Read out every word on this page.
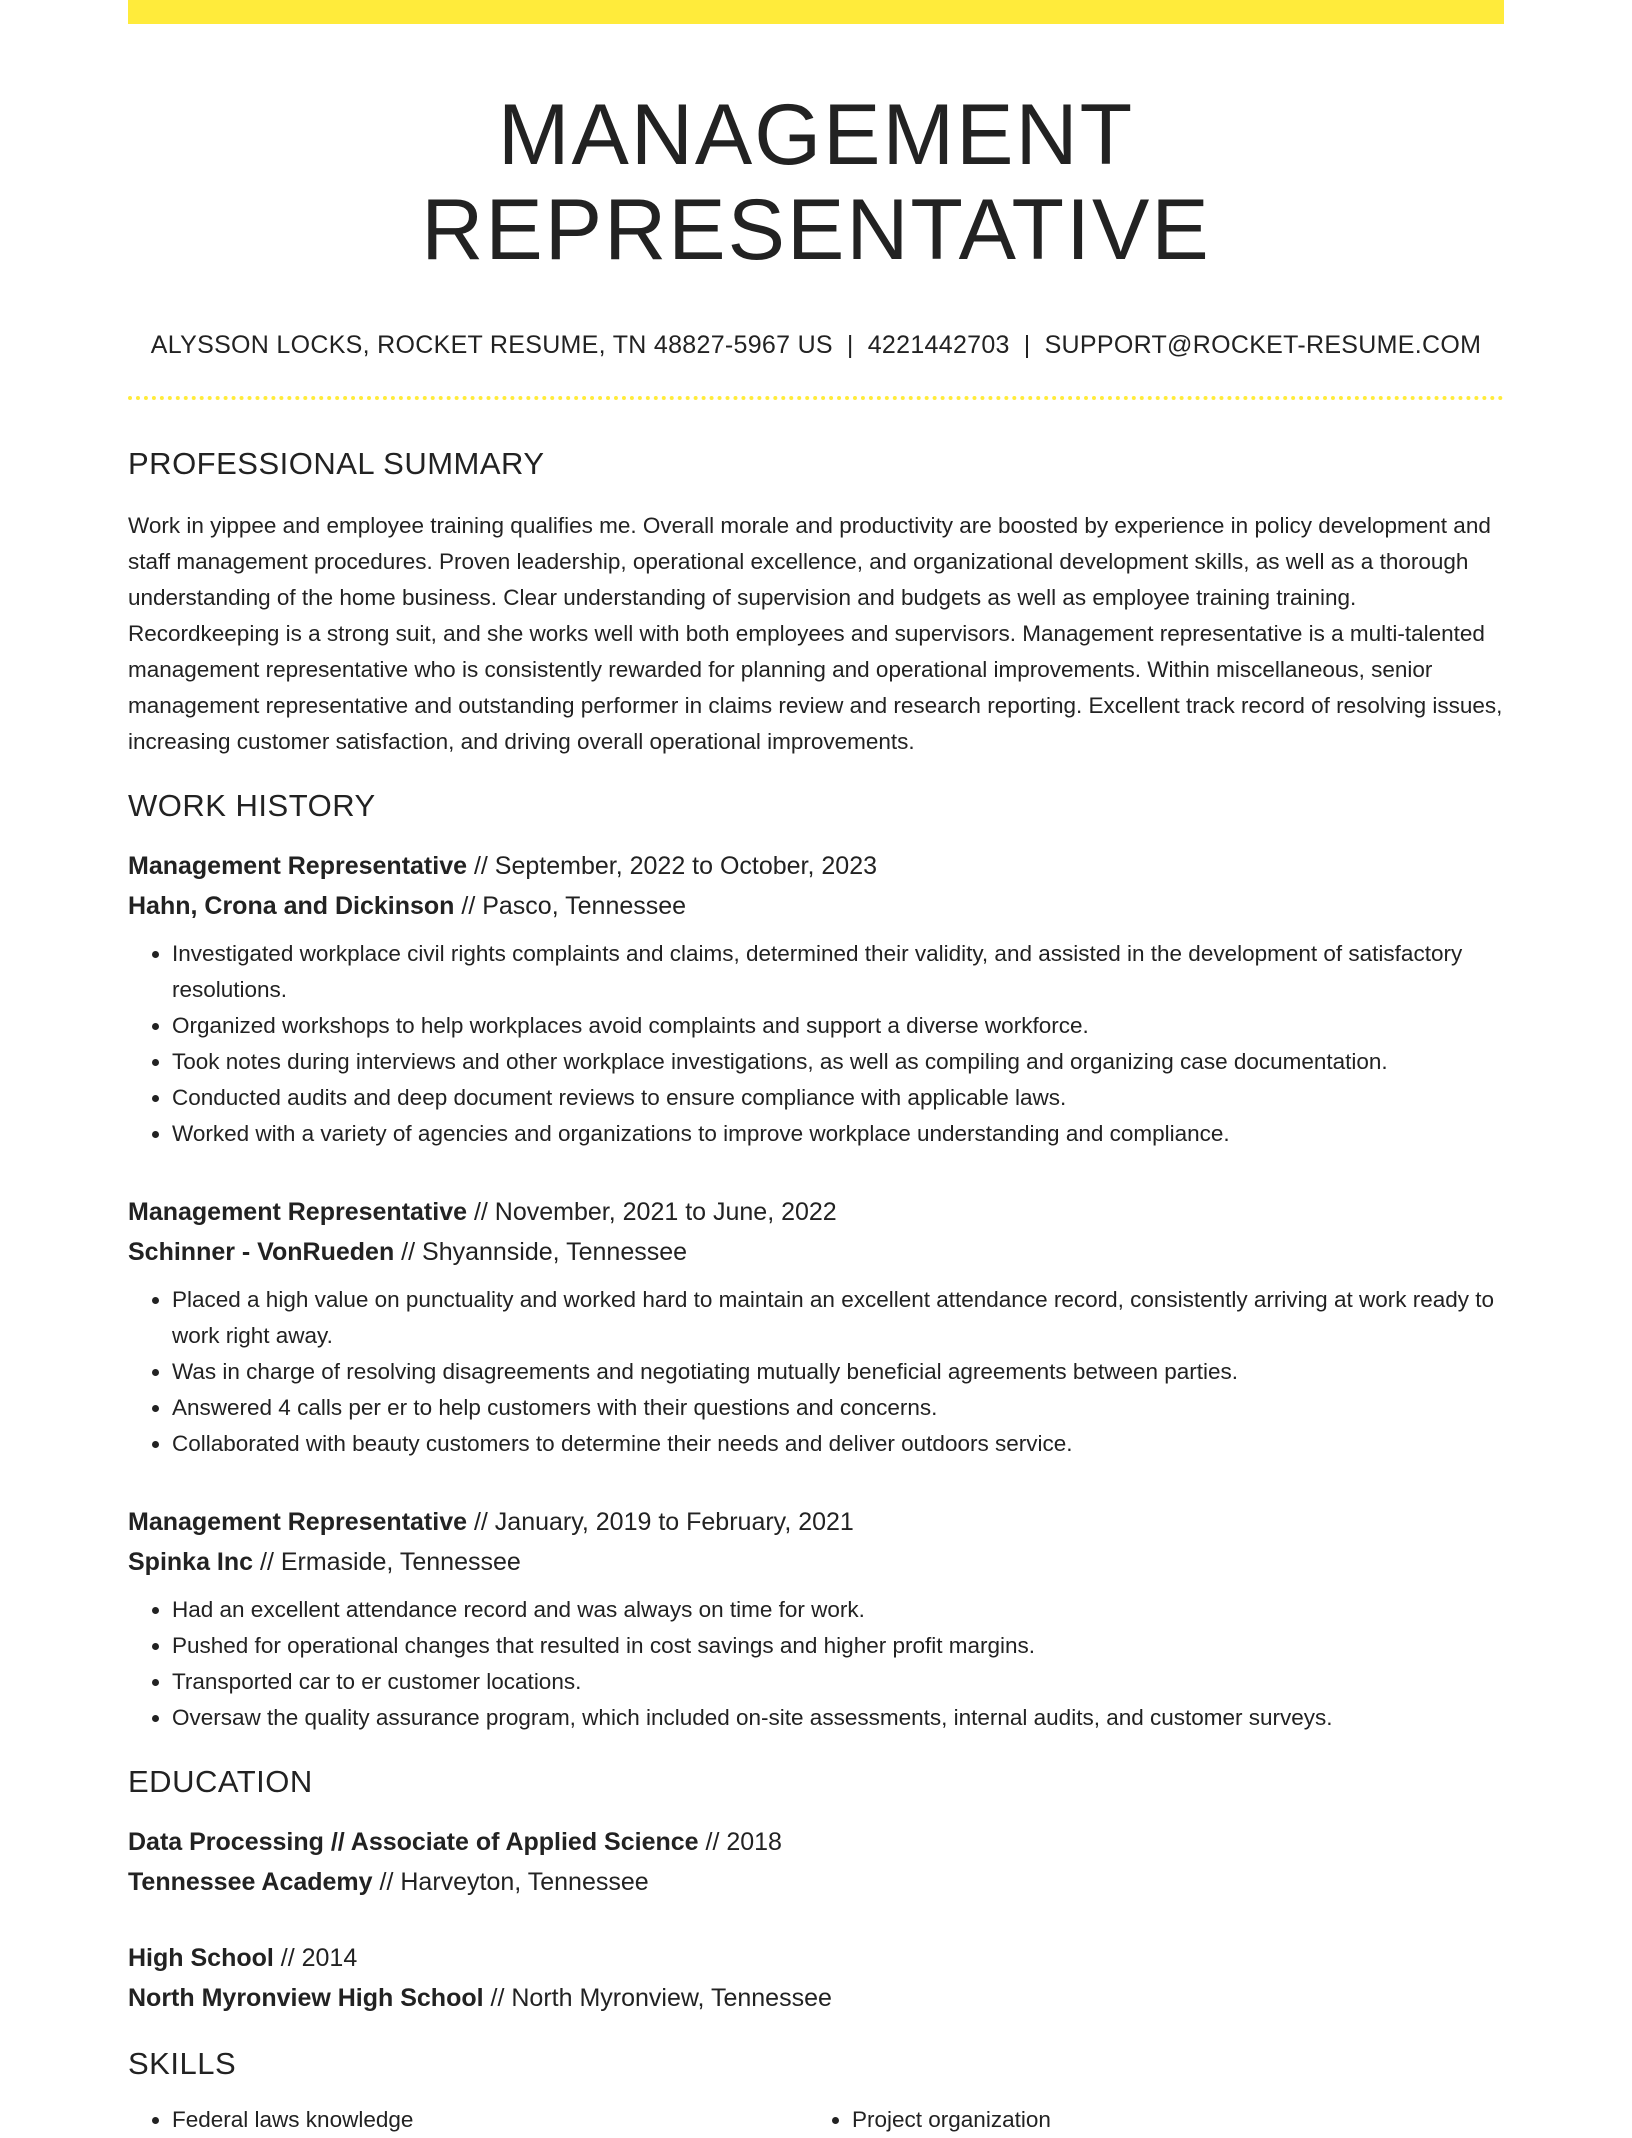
MANAGEMENT REPRESENTATIVE
ALYSSON LOCKS, ROCKET RESUME, TN 48827-5967 US | 4221442703 | SUPPORT@ROCKET-RESUME.COM
PROFESSIONAL SUMMARY
Work in yippee and employee training qualifies me. Overall morale and productivity are boosted by experience in policy development and staff management procedures. Proven leadership, operational excellence, and organizational development skills, as well as a thorough understanding of the home business. Clear understanding of supervision and budgets as well as employee training training. Recordkeeping is a strong suit, and she works well with both employees and supervisors. Management representative is a multi-talented management representative who is consistently rewarded for planning and operational improvements. Within miscellaneous, senior management representative and outstanding performer in claims review and research reporting. Excellent track record of resolving issues, increasing customer satisfaction, and driving overall operational improvements.
WORK HISTORY
Management Representative // September, 2022 to October, 2023
Hahn, Crona and Dickinson // Pasco, Tennessee
• Investigated workplace civil rights complaints and claims, determined their validity, and assisted in the development of satisfactory resolutions.
• Organized workshops to help workplaces avoid complaints and support a diverse workforce.
• Took notes during interviews and other workplace investigations, as well as compiling and organizing case documentation.
• Conducted audits and deep document reviews to ensure compliance with applicable laws.
• Worked with a variety of agencies and organizations to improve workplace understanding and compliance.
Management Representative // November, 2021 to June, 2022
Schinner - VonRueden // Shyannside, Tennessee
• Placed a high value on punctuality and worked hard to maintain an excellent attendance record, consistently arriving at work ready to work right away.
• Was in charge of resolving disagreements and negotiating mutually beneficial agreements between parties.
• Answered 4 calls per er to help customers with their questions and concerns.
• Collaborated with beauty customers to determine their needs and deliver outdoors service.
Management Representative // January, 2019 to February, 2021
Spinka Inc // Ermaside, Tennessee
• Had an excellent attendance record and was always on time for work.
• Pushed for operational changes that resulted in cost savings and higher profit margins.
• Transported car to er customer locations.
• Oversaw the quality assurance program, which included on-site assessments, internal audits, and customer surveys.
EDUCATION
Data Processing // Associate of Applied Science // 2018
Tennessee Academy // Harveyton, Tennessee
High School // 2014
North Myronview High School // North Myronview, Tennessee
SKILLS
• Federal laws knowledge
•	Project organization
